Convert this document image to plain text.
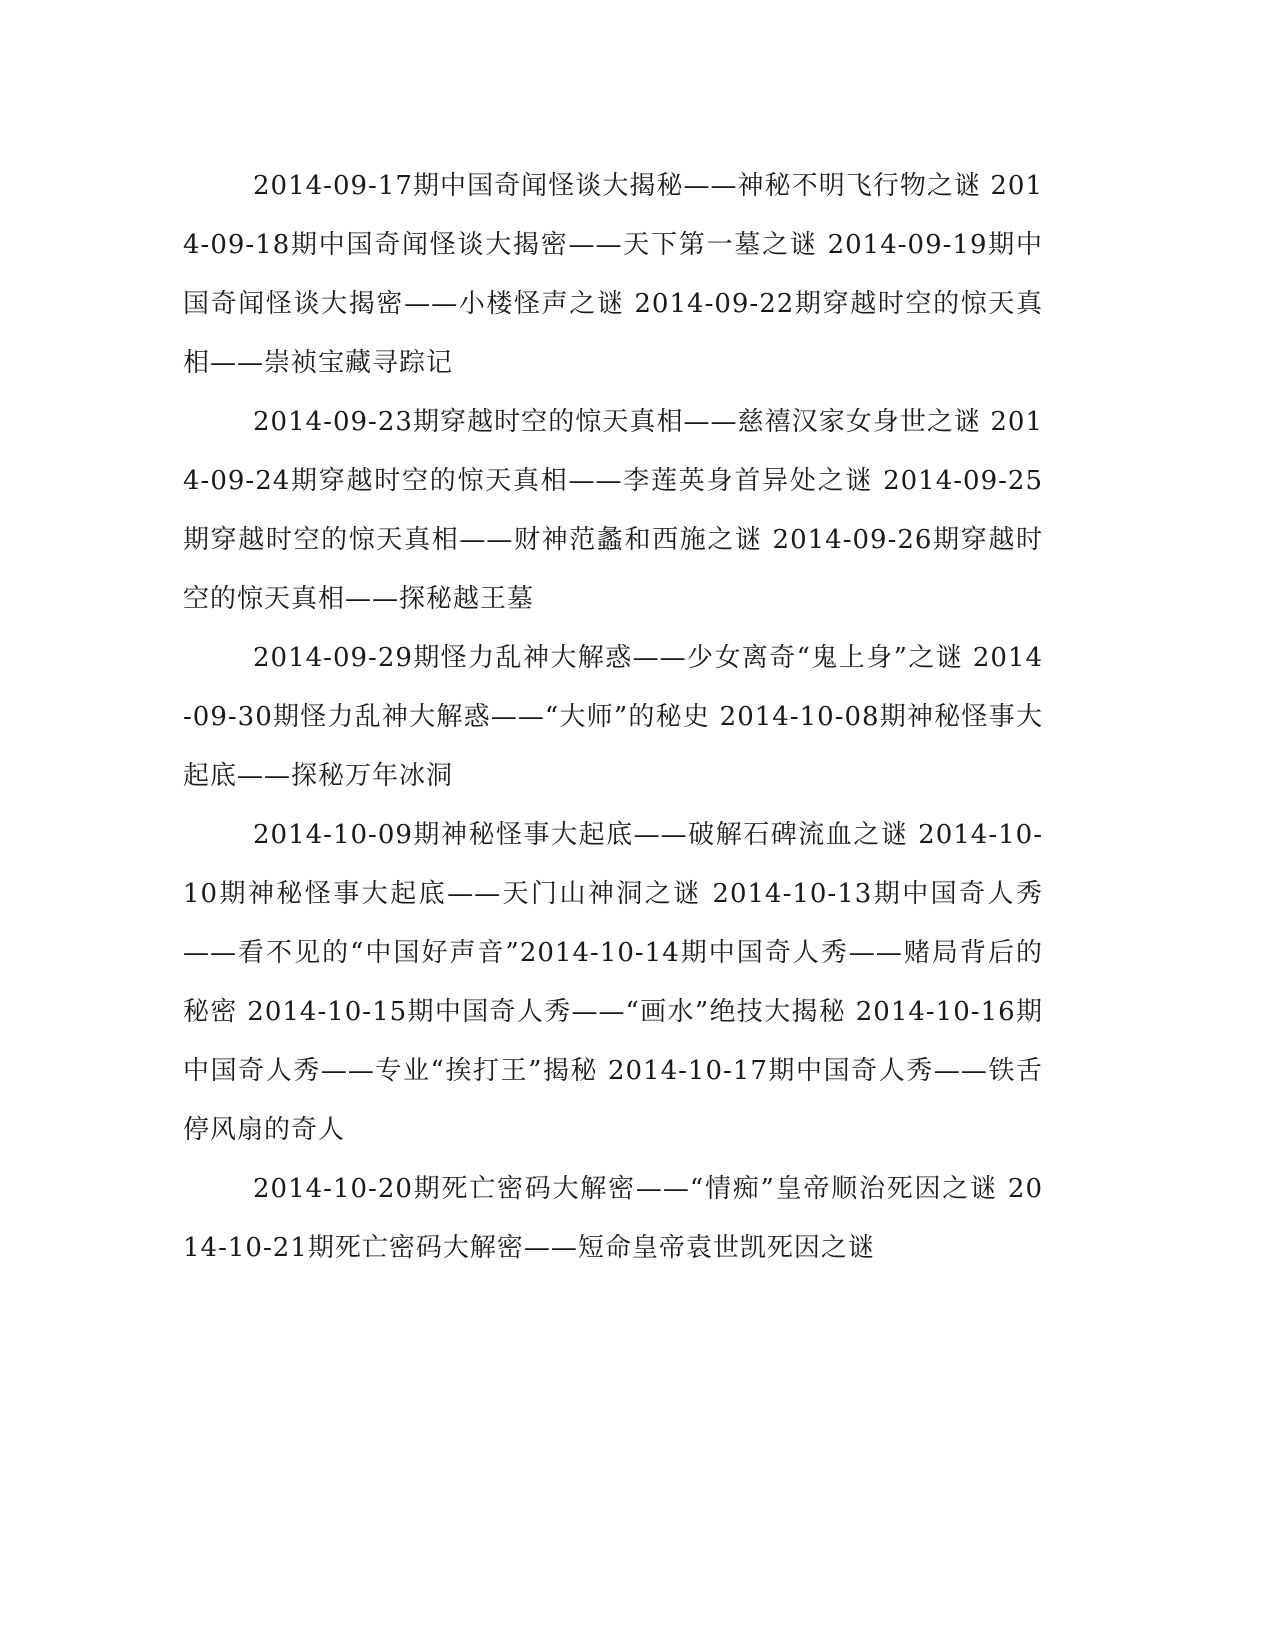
2014-09-17期中国奇闻怪谈大揭秘——神秘不明飞行物之谜 2014-09-18期中国奇闻怪谈大揭密——天下第一墓之谜 2014-09-19期中国奇闻怪谈大揭密——小楼怪声之谜 2014-09-22期穿越时空的惊天真相——崇祯宝藏寻踪记

2014-09-23期穿越时空的惊天真相——慈禧汉家女身世之谜 2014-09-24期穿越时空的惊天真相——李莲英身首异处之谜 2014-09-25期穿越时空的惊天真相——财神范蠡和西施之谜 2014-09-26期穿越时空的惊天真相——探秘越王墓

2014-09-29期怪力乱神大解惑——少女离奇“鬼上身”之谜 2014-09-30期怪力乱神大解惑——“大师”的秘史 2014-10-08期神秘怪事大起底——探秘万年冰洞

2014-10-09期神秘怪事大起底——破解石碑流血之谜 2014-10-10期神秘怪事大起底——天门山神洞之谜 2014-10-13期中国奇人秀——看不见的“中国好声音”2014-10-14期中国奇人秀——赌局背后的秘密 2014-10-15期中国奇人秀——“画水”绝技大揭秘 2014-10-16期中国奇人秀——专业“挨打王”揭秘 2014-10-17期中国奇人秀——铁舌停风扇的奇人

2014-10-20期死亡密码大解密——“情痴”皇帝顺治死因之谜 2014-10-21期死亡密码大解密——短命皇帝袁世凯死因之谜
